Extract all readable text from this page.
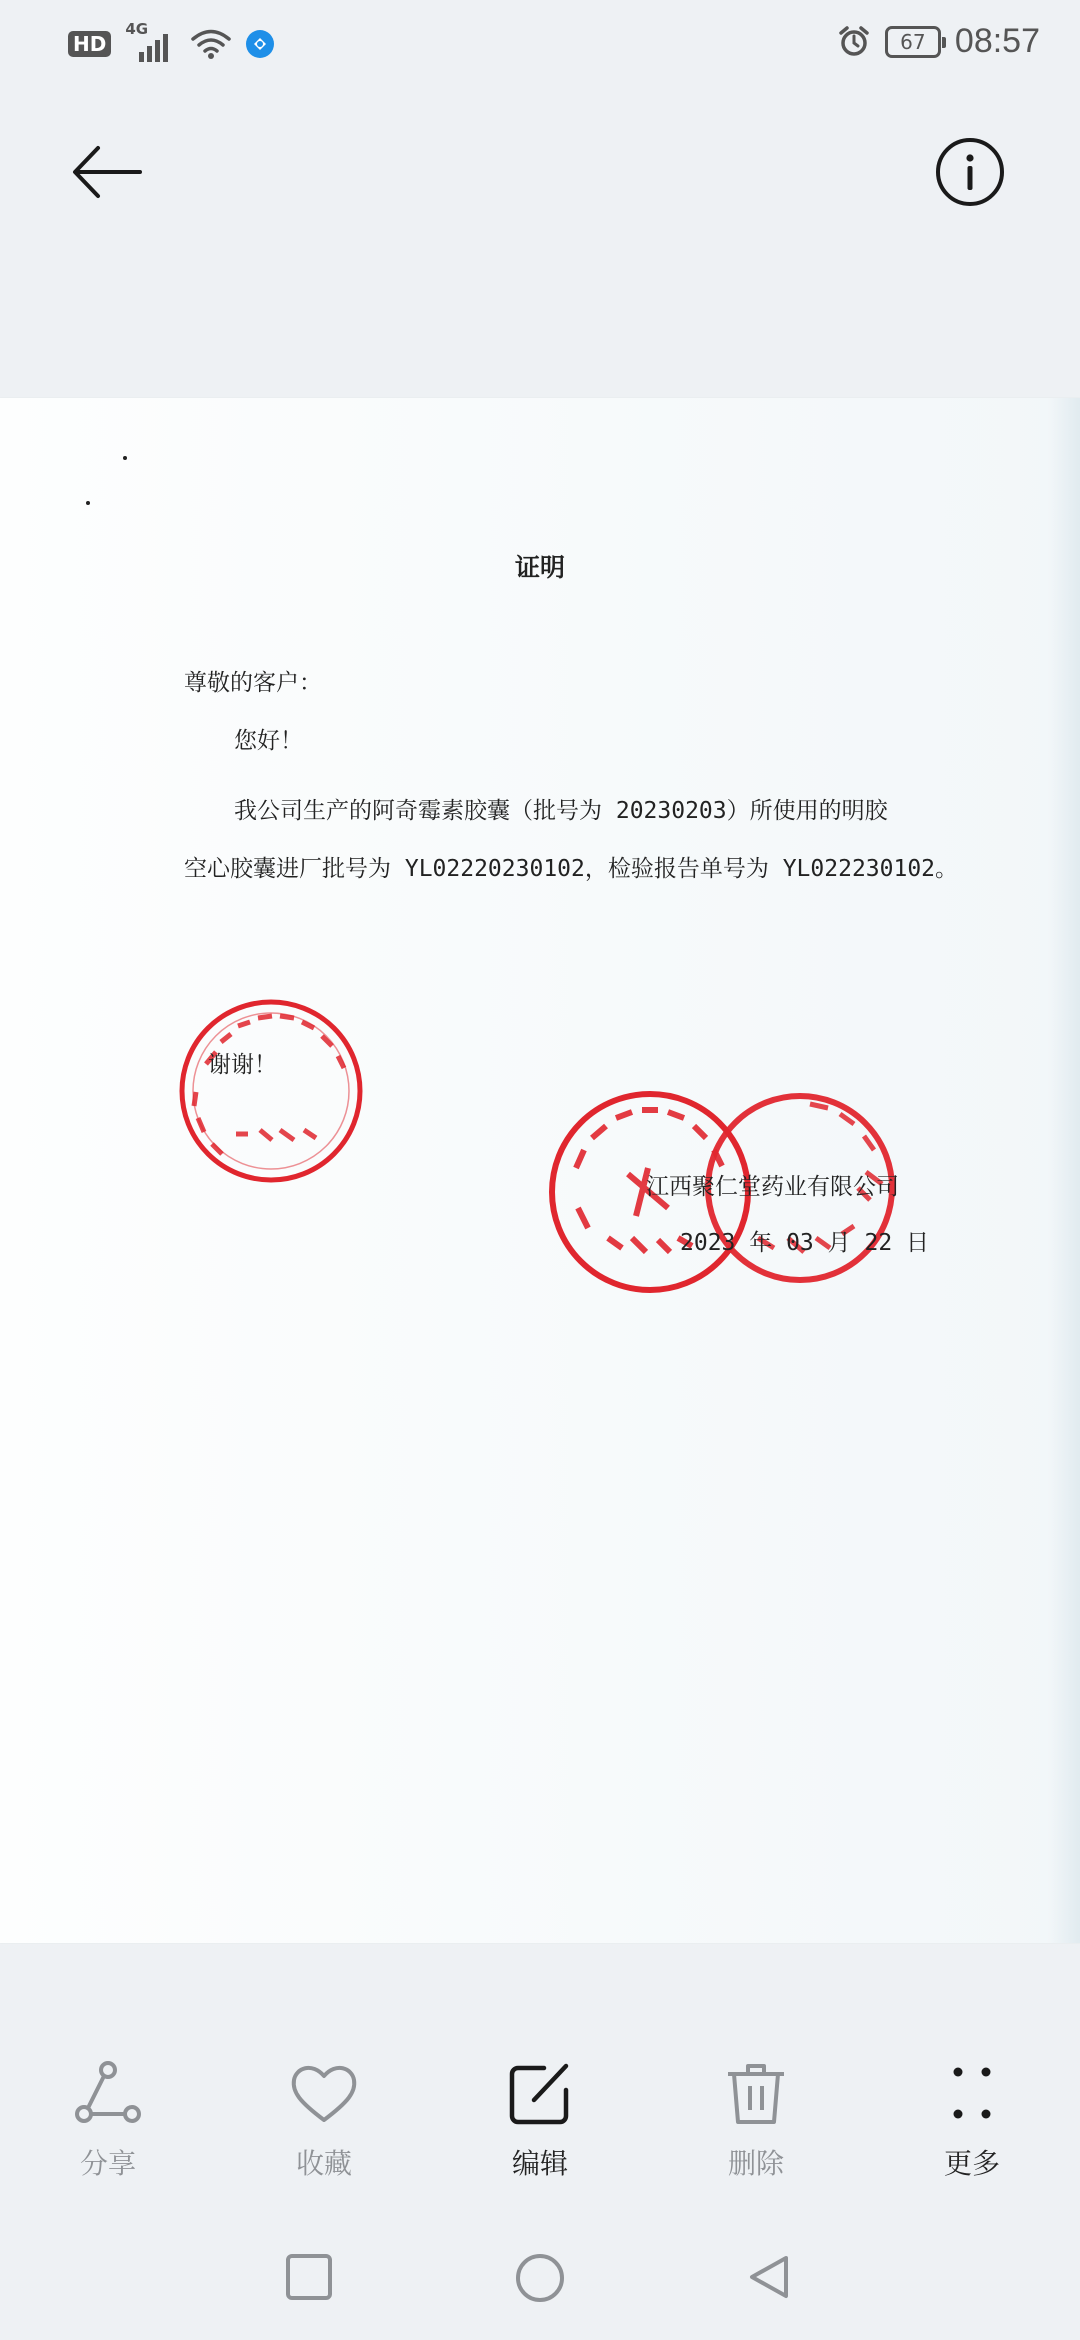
HD
4G
67 08:57
证明
尊敬的客户：
您好！
我公司生产的阿奇霉素胶囊（批号为 20230203）所使用的明胶
空心胶囊进厂批号为 YL02220230102，检验报告单号为 YL022230102。
谢谢！
江西聚仁堂药业有限公司
2023 年 03 月 22 日
分享	收藏	编辑	删除	更多
